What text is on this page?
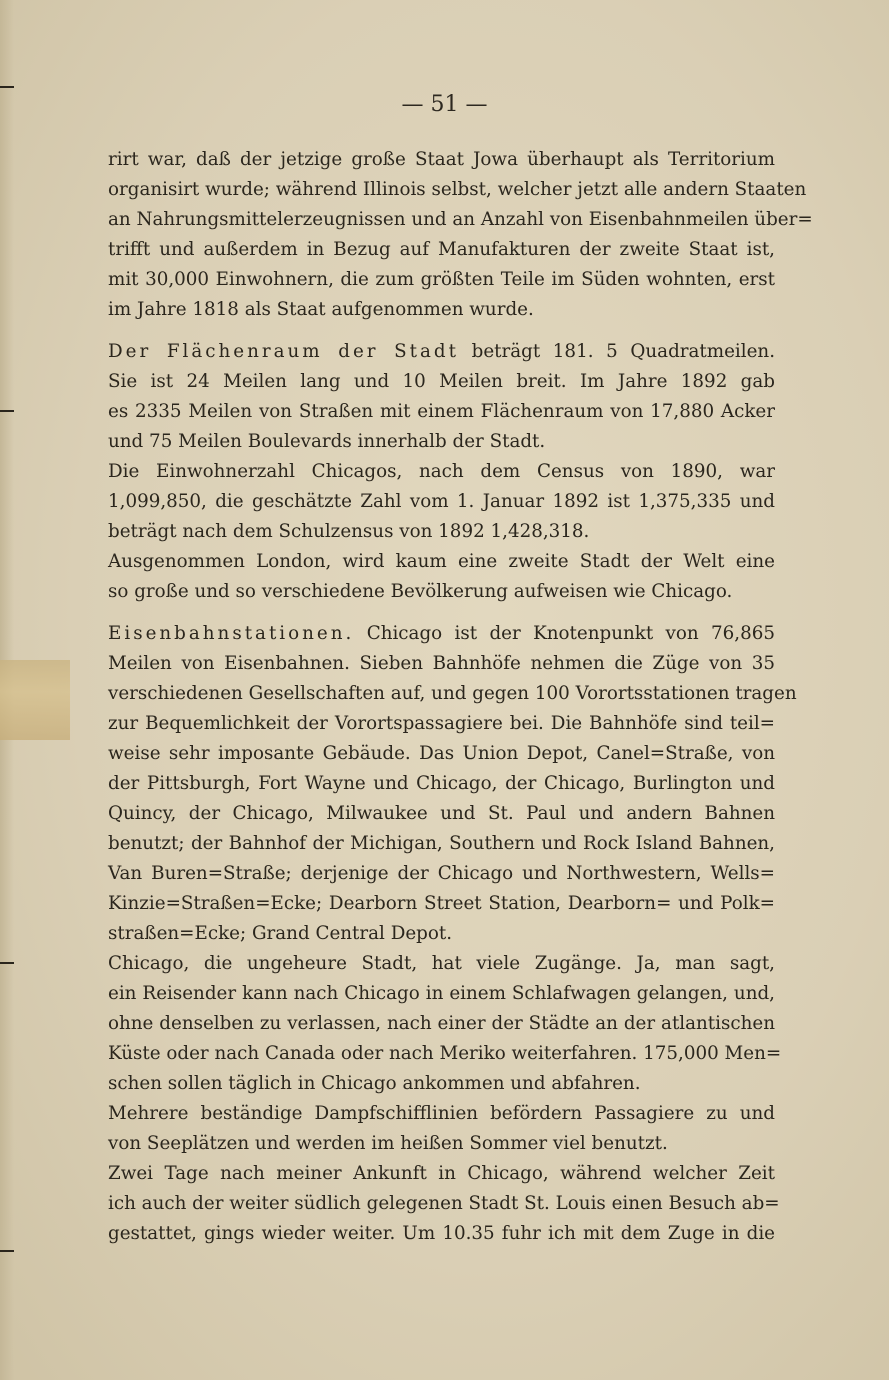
— 51 —
rirt war, daß der jetzige große Staat Jowa überhaupt als Territorium
organisirt wurde; während Illinois selbst, welcher jetzt alle andern Staaten
an Nahrungsmittelerzeugnissen und an Anzahl von Eisenbahnmeilen über=
trifft und außerdem in Bezug auf Manufakturen der zweite Staat ist,
mit 30,000 Einwohnern, die zum größten Teile im Süden wohnten, erst
im Jahre 1818 als Staat aufgenommen wurde.
Der Flächenraum der Stadt beträgt 181. 5 Quadratmeilen.
Sie ist 24 Meilen lang und 10 Meilen breit. Im Jahre 1892 gab
es 2335 Meilen von Straßen mit einem Flächenraum von 17,880 Acker
und 75 Meilen Boulevards innerhalb der Stadt.
Die Einwohnerzahl Chicagos, nach dem Census von 1890, war
1,099,850, die geschätzte Zahl vom 1. Januar 1892 ist 1,375,335 und
beträgt nach dem Schulzensus von 1892 1,428,318.
Ausgenommen London, wird kaum eine zweite Stadt der Welt eine
so große und so verschiedene Bevölkerung aufweisen wie Chicago.
Eisenbahnstationen. Chicago ist der Knotenpunkt von 76,865
Meilen von Eisenbahnen. Sieben Bahnhöfe nehmen die Züge von 35
verschiedenen Gesellschaften auf, und gegen 100 Vorortsstationen tragen
zur Bequemlichkeit der Vorortspassagiere bei. Die Bahnhöfe sind teil=
weise sehr imposante Gebäude. Das Union Depot, Canel=Straße, von
der Pittsburgh, Fort Wayne und Chicago, der Chicago, Burlington und
Quincy, der Chicago, Milwaukee und St. Paul und andern Bahnen
benutzt; der Bahnhof der Michigan, Southern und Rock Island Bahnen,
Van Buren=Straße; derjenige der Chicago und Northwestern, Wells=
Kinzie=Straßen=Ecke; Dearborn Street Station, Dearborn= und Polk=
straßen=Ecke; Grand Central Depot.
Chicago, die ungeheure Stadt, hat viele Zugänge. Ja, man sagt,
ein Reisender kann nach Chicago in einem Schlafwagen gelangen, und,
ohne denselben zu verlassen, nach einer der Städte an der atlantischen
Küste oder nach Canada oder nach Meriko weiterfahren. 175,000 Men=
schen sollen täglich in Chicago ankommen und abfahren.
Mehrere beständige Dampfschifflinien befördern Passagiere zu und
von Seeplätzen und werden im heißen Sommer viel benutzt.
Zwei Tage nach meiner Ankunft in Chicago, während welcher Zeit
ich auch der weiter südlich gelegenen Stadt St. Louis einen Besuch ab=
gestattet, gings wieder weiter. Um 10.35 fuhr ich mit dem Zuge in die
